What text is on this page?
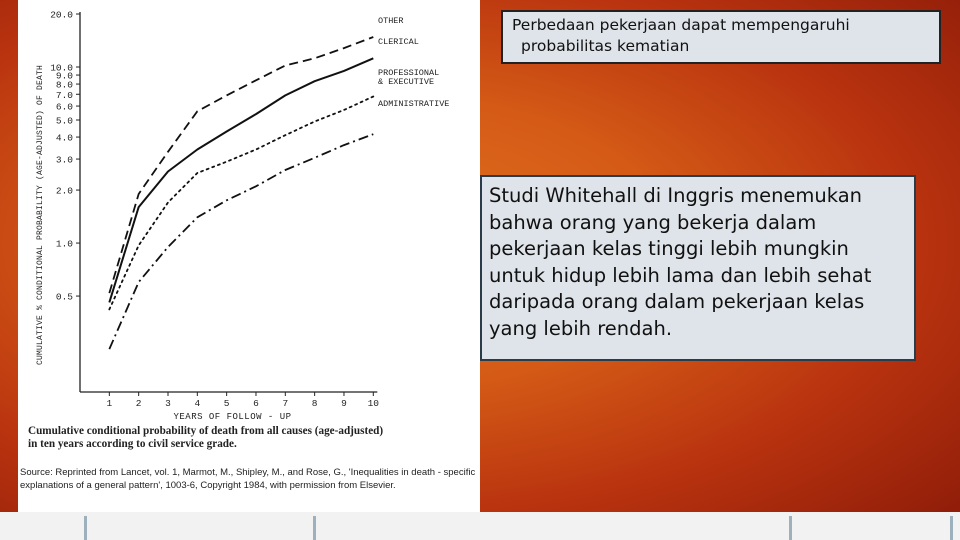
0.5
1.0
2.0
3.0
4.0
5.0
6.0
7.0
8.0
9.0
10.0
20.0
1 2 3 4 5 6 7 8 9 10
YEARS OF FOLLOW - UP
CUMULATIVE % CONDITIONAL PROBABILITY (AGE-ADJUSTED) OF DEATH
OTHER
CLERICAL
PROFESSIONAL
& EXECUTIVE
ADMINISTRATIVE
Cumulative conditional probability of death from all causes (age-adjusted)
in ten years according to civil service grade.
Source: Reprinted from Lancet, vol. 1, Marmot, M., Shipley, M., and Rose, G., 'Inequalities in death - specific explanations of a general pattern', 1003-6, Copyright 1984, with permission from Elsevier.
Perbedaan pekerjaan dapat mempengaruhi
probabilitas kematian
Studi Whitehall di Inggris menemukan bahwa orang yang bekerja dalam pekerjaan kelas tinggi lebih mungkin untuk hidup lebih lama dan lebih sehat daripada orang dalam pekerjaan kelas yang lebih rendah.
